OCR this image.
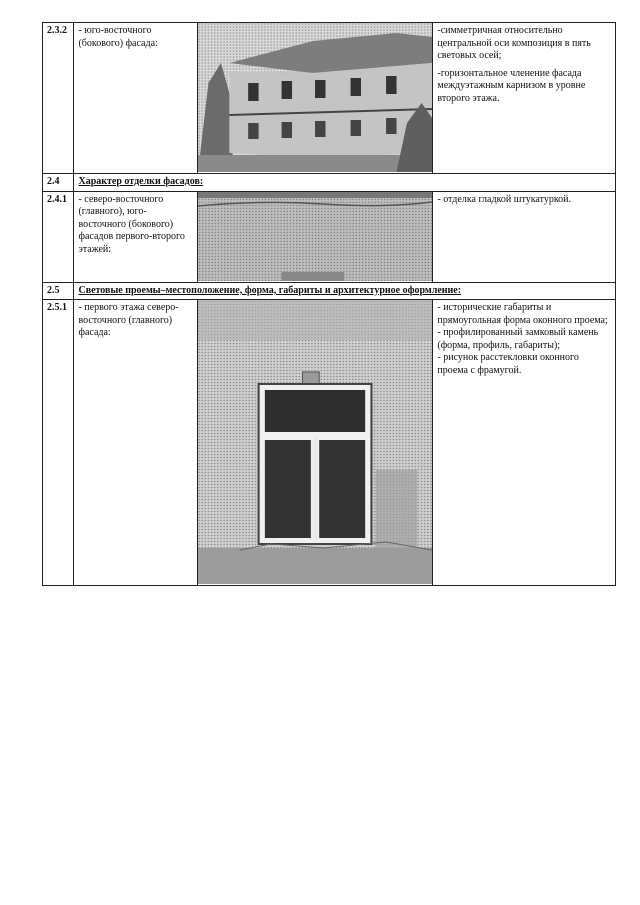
2.3.2	- юго-восточного (бокового) фасада:		-симметричная относительно центральной оси композиция в пять световых осей;

-горизонтальное членение фасада междуэтажным карнизом в уровне второго этажа.

2.4	Характер отделки фасадов:		
2.4.1	- северо-восточного (главного), юго-восточного (бокового) фасадов первого-второго этажей:		- отделка гладкой штукатуркой.

2.5	Световые проемы–местоположение, форма, габариты и архитектурное оформление:		
2.5.1	- первого этажа северо-восточного (главного) фасада:		- исторические габариты и прямоугольная форма оконного проема;
- профилированный замковый камень (форма, профиль, габариты);
- рисунок расстекловки оконного проема с фрамугой.
